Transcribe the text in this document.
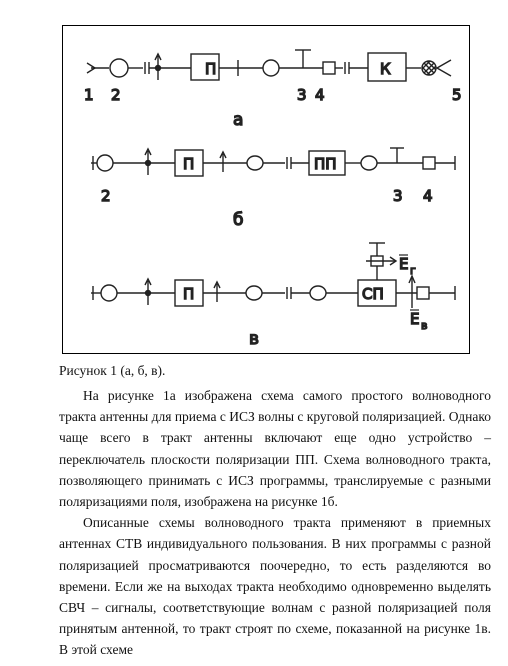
П	К
1 2	3 4	5
а
П	ПП
2	3 4
б
П	СП
E г
E в
в
Рисунок 1 (а, б, в).

На рисунке 1а изображена схема самого простого волноводного тракта антенны для приема с ИСЗ волны с круговой поляризацией. Однако чаще всего в тракт антенны включают еще одно устройство – переключатель плоскости поляризации ПП. Схема волноводного тракта, позволяющего принимать с ИСЗ программы, транслируемые с разными поляризациями поля, изображена на рисунке 1б.

Описанные схемы волноводного тракта применяют в приемных антеннах СТВ индивидуального пользования. В них программы с разной поляризацией просматриваются поочередно, то есть разделяются во времени. Если же на выходах тракта необходимо одновременно выделять СВЧ – сигналы, соответствующие волнам с разной поляризацией поля принятым антенной, то тракт строят по схеме, показанной на рисунке 1в. В этой схеме
